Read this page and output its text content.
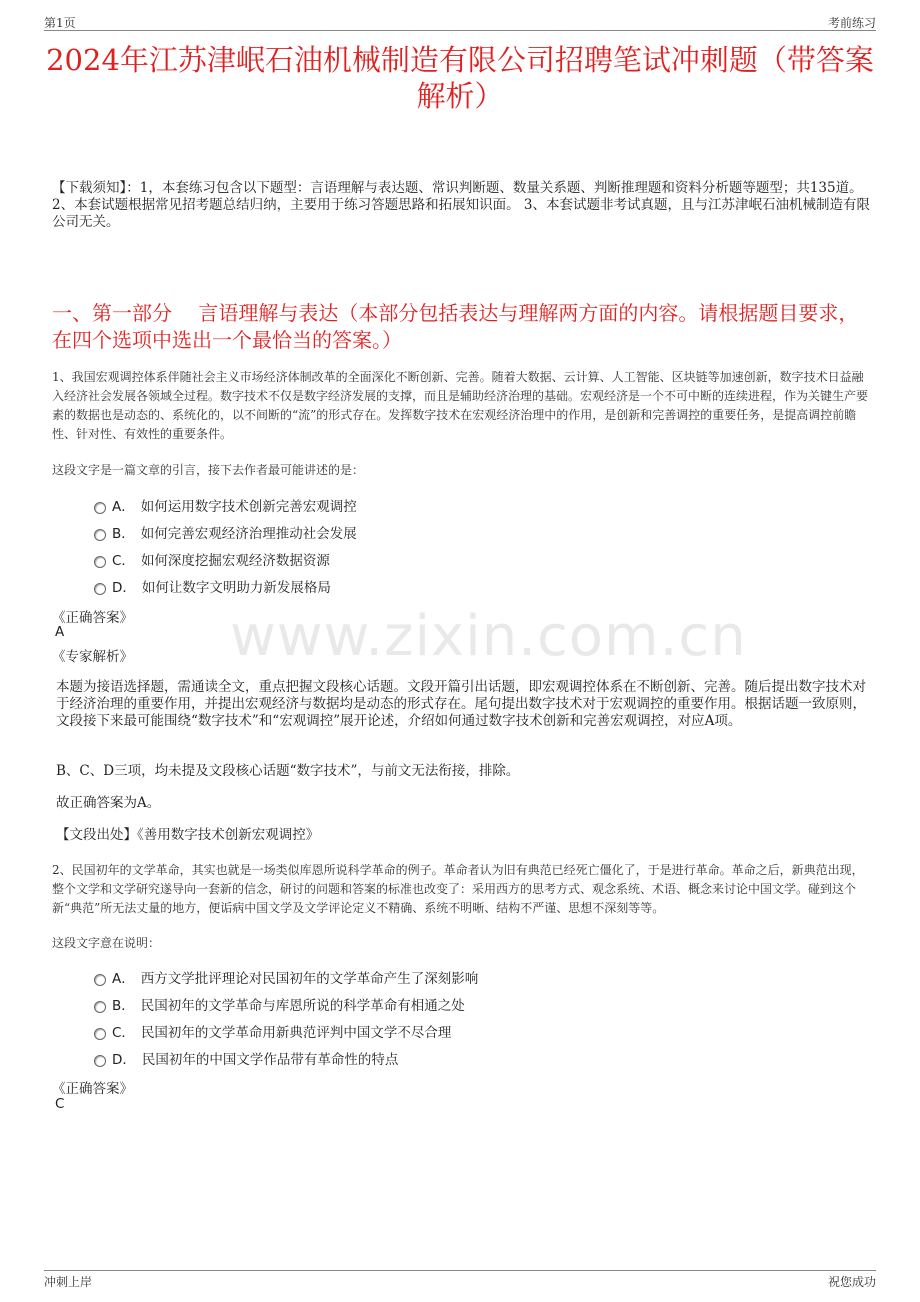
第1页	考前练习
2024年江苏津岷石油机械制造有限公司招聘笔试冲刺题（带答案解析）
【下载须知】：1，本套练习包含以下题型：言语理解与表达题、常识判断题、数量关系题、判断推理题和资料分析题等题型；共135道。 2、本套试题根据常见招考题总结归纳，主要用于练习答题思路和拓展知识面。 3、本套试题非考试真题，且与江苏津岷石油机械制造有限公司无关。
一、第一部分　 言语理解与表达（本部分包括表达与理解两方面的内容。请根据题目要求，在四个选项中选出一个最恰当的答案。）
1、我国宏观调控体系伴随社会主义市场经济体制改革的全面深化不断创新、完善。随着大数据、云计算、人工智能、区块链等加速创新，数字技术日益融入经济社会发展各领域全过程。数字技术不仅是数字经济发展的支撑，而且是辅助经济治理的基础。宏观经济是一个不可中断的连续进程，作为关键生产要素的数据也是动态的、系统化的，以不间断的“流”的形式存在。发挥数字技术在宏观经济治理中的作用，是创新和完善调控的重要任务，是提高调控前瞻性、针对性、有效性的重要条件。
这段文字是一篇文章的引言，接下去作者最可能讲述的是：
A． 如何运用数字技术创新完善宏观调控
B． 如何完善宏观经济治理推动社会发展
C． 如何深度挖掘宏观经济数据资源
D． 如何让数字文明助力新发展格局
《正确答案》
A
《专家解析》 www.zixin.com.cn
本题为接语选择题，需通读全文，重点把握文段核心话题。文段开篇引出话题，即宏观调控体系在不断创新、完善。随后提出数字技术对于经济治理的重要作用，并提出宏观经济与数据均是动态的形式存在。尾句提出数字技术对于宏观调控的重要作用。根据话题一致原则，文段接下来最可能围绕“数字技术”和“宏观调控”展开论述，介绍如何通过数字技术创新和完善宏观调控，对应A项。
B、C、D三项，均未提及文段核心话题“数字技术”，与前文无法衔接，排除。
故正确答案为A。
【文段出处】《善用数字技术创新宏观调控》
2、民国初年的文学革命，其实也就是一场类似库恩所说科学革命的例子。革命者认为旧有典范已经死亡僵化了，于是进行革命。革命之后，新典范出现，整个文学和文学研究遂导向一套新的信念，研讨的问题和答案的标准也改变了：采用西方的思考方式、观念系统、术语、概念来讨论中国文学。碰到这个新“典范”所无法丈量的地方，便诟病中国文学及文学评论定义不精确、系统不明晰、结构不严谨、思想不深刻等等。
这段文字意在说明：
A． 西方文学批评理论对民国初年的文学革命产生了深刻影响
B． 民国初年的文学革命与库恩所说的科学革命有相通之处
C． 民国初年的文学革命用新典范评判中国文学不尽合理
D． 民国初年的中国文学作品带有革命性的特点
《正确答案》
C
冲刺上岸	祝您成功
